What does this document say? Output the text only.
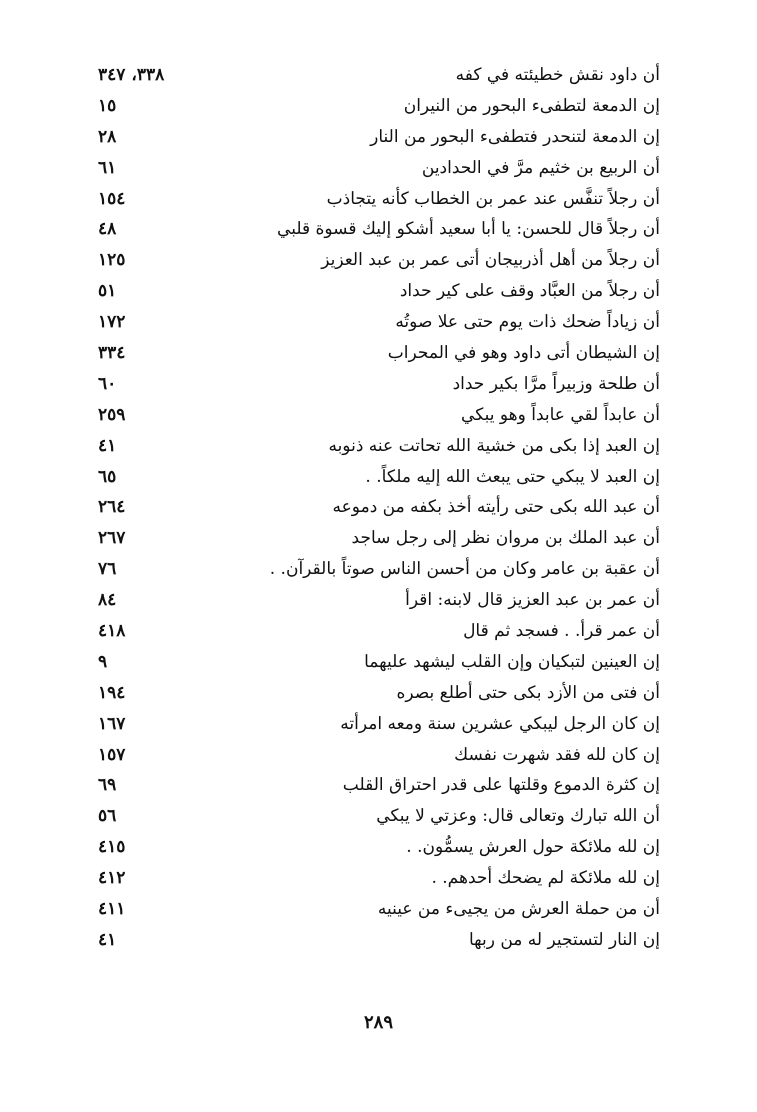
أن داود نقش خطيئته في كفه
٣٣٨، ٣٤٧
إن الدمعة لتطفىء البحور من النيران
١٥
إن الدمعة لتنحدر فتطفىء البحور من النار
٢٨
أن الربيع بن خثيم مرَّ في الحدادين
٦١
أن رجلاً تنفَّس عند عمر بن الخطاب كأنه يتجاذب
١٥٤
أن رجلاً قال للحسن: يا أبا سعيد أشكو إليك قسوة قلبي
٤٨
أن رجلاً من أهل أذربيجان أتى عمر بن عبد العزيز
١٢٥
أن رجلاً من العبَّاد وقف على كير حداد
٥١
أن زياداً ضحك ذات يوم حتى علا صوتُه
١٧٢
إن الشيطان أتى داود وهو في المحراب
٣٣٤
أن طلحة وزبيراً مرَّا بكير حداد
٦٠
أن عابداً لقي عابداً وهو يبكي
٢٥٩
إن العبد إذا بكى من خشية الله تحاتت عنه ذنوبه
٤١
إن العبد لا يبكي حتى يبعث الله إليه ملكاً. .
٦٥
أن عبد الله بكى حتى رأيته أخذ بكفه من دموعه
٢٦٤
أن عبد الملك بن مروان نظر إلى رجل ساجد
٢٦٧
أن عقبة بن عامر وكان من أحسن الناس صوتاً بالقرآن. .
٧٦
أن عمر بن عبد العزيز قال لابنه: اقرأ
٨٤
أن عمر قرأ. . فسجد ثم قال
٤١٨
إن العينين لتبكيان وإن القلب ليشهد عليهما
٩
أن فتى من الأزد بكى حتى أطلع بصره
١٩٤
إن كان الرجل ليبكي عشرين سنة ومعه امرأته
١٦٧
إن كان لله فقد شهرت نفسك
١٥٧
إن كثرة الدموع وقلتها على قدر احتراق القلب
٦٩
أن الله تبارك وتعالى قال: وعزتي لا يبكي
٥٦
إن لله ملائكة حول العرش يسمُّون. .
٤١٥
إن لله ملائكة لم يضحك أحدهم. .
٤١٢
أن من حملة العرش من يجيىء من عينيه
٤١١
إن النار لتستجير له من ربها
٤١
٢٨٩
